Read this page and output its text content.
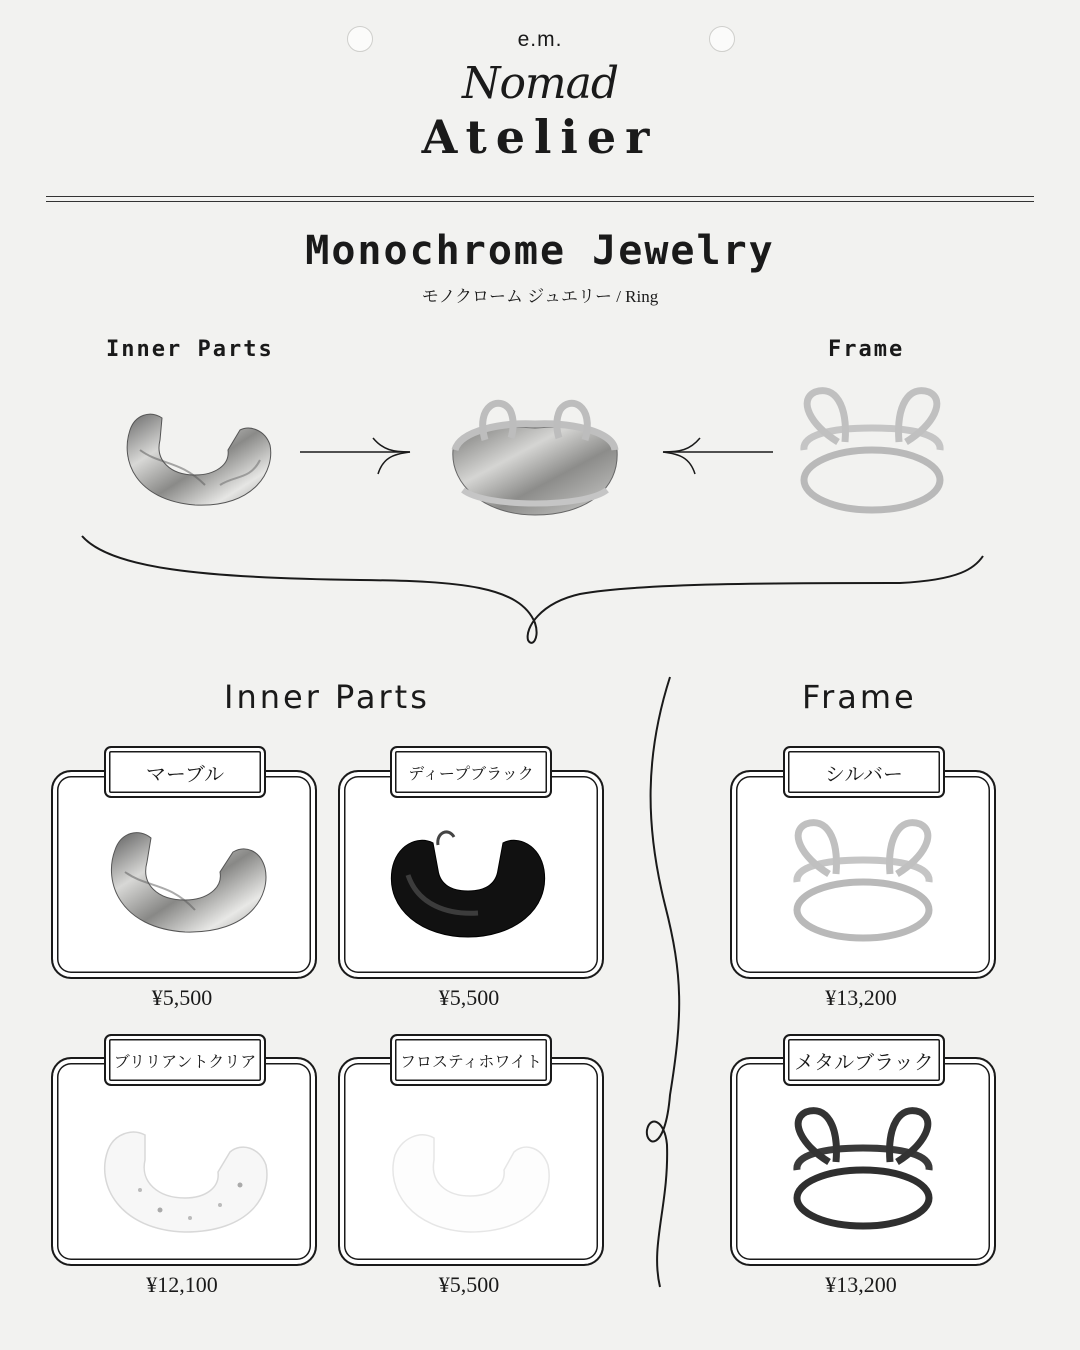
e.m.
Nomad
Atelier
Monochrome Jewelry
モノクローム ジュエリー / Ring
Inner Parts	Frame
Inner Parts	Frame
マーブル
¥5,500
ディープブラック
¥5,500
シルバー
¥13,200
ブリリアントクリア
¥12,100
フロスティホワイト
¥5,500
メタルブラック
¥13,200
